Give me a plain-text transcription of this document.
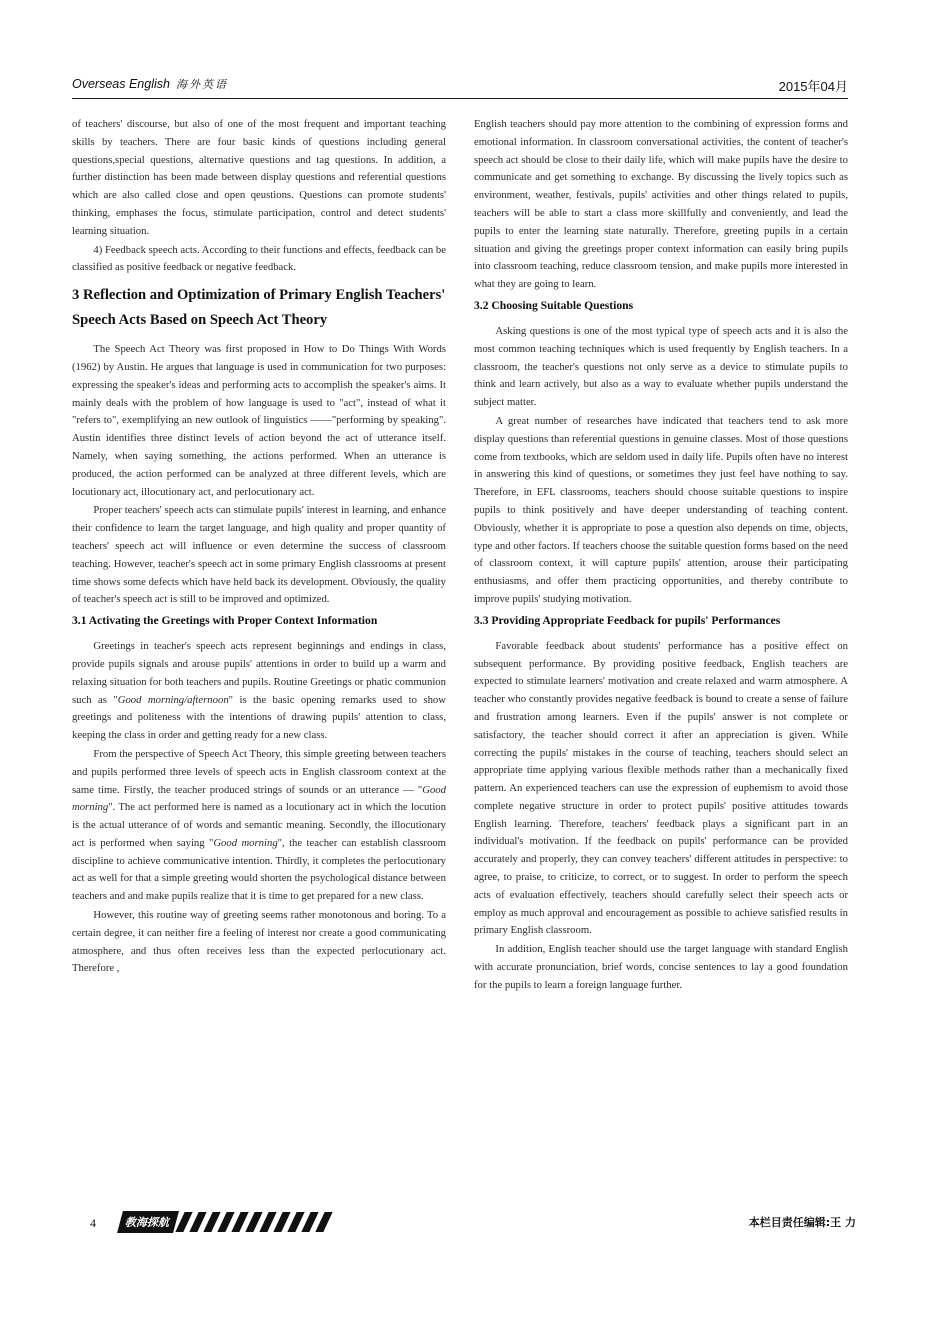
Overseas English 海外英语	2015年04月

of teachers' discourse, but also of one of the most frequent and important teaching skills by teachers. There are four basic kinds of questions including general questions,special questions, alternative questions and tag questions. In addition, a further distinction has been made between display questions and referential questions which are also called close and open qeustions. Questions can promote students' thinking, emphases the focus, stimulate participation, control and detect students' learning situation.

4) Feedback speech acts. According to their functions and effects, feedback can be classified as positive feedback or negative feedback.

3 Reflection and Optimization of Primary English Teachers' Speech Acts Based on Speech Act Theory

The Speech Act Theory was first proposed in How to Do Things With Words (1962) by Austin. He argues that language is used in communication for two purposes: expressing the speaker's ideas and performing acts to accomplish the speaker's aims. It mainly deals with the problem of how language is used to "act", instead of what it "refers to", exemplifying an new outlook of linguistics ——"performing by speaking". Austin identifies three distinct levels of action beyond the act of utterance itself. Namely, when saying something, the actions performed. When an utterance is produced, the action performed can be analyzed at three different levels, which are locutionary act, illocutionary act, and perlocutionary act.

Proper teachers' speech acts can stimulate pupils' interest in learning, and enhance their confidence to learn the target language, and high quality and proper quantity of teachers' speech act will influence or even determine the success of classroom teaching. However, teacher's speech act in some primary English classrooms at present time shows some defects which have held back its development. Obviously, the quality of teacher's speech act is still to be improved and optimized.

3.1 Activating the Greetings with Proper Context Information

Greetings in teacher's speech acts represent beginnings and endings in class, provide pupils signals and arouse pupils' attentions in order to build up a warm and relaxing situation for both teachers and pupils. Routine Greetings or phatic communion such as "Good morning/afternoon" is the basic opening remarks used to show greetings and politeness with the intentions of drawing pupils' attention to class, keeping the class in order and getting ready for a new class.

From the perspective of Speech Act Theory, this simple greeting between teachers and pupils performed three levels of speech acts in English classroom context at the same time. Firstly, the teacher produced strings of sounds or an utterance — "Good morning". The act performed here is named as a locutionary act in which the locution is the actual utterance of of words and semantic meaning. Secondly, the illocutionary act is performed when saying "Good morning", the teacher can establish classroom discipline to achieve communicative intention. Thirdly, it completes the perlocutionary act as well for that a simple greeting would shorten the psychological distance between teachers and and make pupils realize that it is time to get prepared for a new class.

However, this routine way of greeting seems rather monotonous and boring. To a certain degree, it can neither fire a feeling of interest nor create a good communicating atmosphere, and thus often receives less than the expected perlocutionary act. Therefore ,

English teachers should pay more attention to the combining of expression forms and emotional information. In classroom conversational activities, the content of teacher's speech act should be close to their daily life, which will make pupils have the desire to communicate and get something to exchange. By discussing the lively topics such as environment, weather, festivals, pupils' activities and other things related to pupils, teachers will be able to start a class more skillfully and conveniently, and lead the pupils to enter the learning state naturally. Therefore, greeting pupils in a certain situation and giving the greetings proper context information can easily bring pupils into classroom teaching, reduce classroom tension, and make pupils more interested in what they are going to learn.

3.2 Choosing Suitable Questions

Asking questions is one of the most typical type of speech acts and it is also the most common teaching techniques which is used frequently by English teachers. In a classroom, the teacher's questions not only serve as a device to stimulate pupils to think and learn actively, but also as a way to evaluate whether pupils understand the subject matter.

A great number of researches have indicated that teachers tend to ask more display questions than referential questions in genuine classes. Most of those questions come from textbooks, which are seldom used in daily life. Pupils often have no interest in answering this kind of questions, or sometimes they just feel have nothing to say. Therefore, in EFL classrooms, teachers should choose suitable questions to inspire pupils to think positively and have deeper understanding of teaching content. Obviously, whether it is appropriate to pose a question also depends on time, objects, type and other factors. If teachers choose the suitable question forms based on the need of classroom context, it will capture pupils' attention, arouse their participating enthusiasms, and offer them practicing opportunities, and thereby contribute to improve pupils' studying motivation.

3.3 Providing Appropriate Feedback for pupils' Performances

Favorable feedback about students' performance has a positive effect on subsequent performance. By providing positive feedback, English teachers are expected to stimulate learners' motivation and create relaxed and warm atmosphere. A teacher who constantly provides negative feedback is bound to create a sense of failure and frustration among learners. Even if the pupils' answer is not complete or satisfactory, the teacher should correct it after an appreciation is given. While correcting the pupils' mistakes in the course of teaching, teachers should select an appropriate time applying various flexible methods rather than a mechanically fixed pattern. An experienced teachers can use the expression of euphemism to avoid those complete negative structure in order to protect pupils' positive attitudes towards English learning. Therefore, teachers' feedback plays a significant part in an individual's motivation. If the feedback on pupils' performance can be provided accurately and properly, they can convey teachers' different attitudes in perspective: to agree, to praise, to criticize, to correct, or to suggest. In order to perform the speech acts of evaluation effectively, teachers should carefully select their speech acts or employ as much approval and encouragement as possible to achieve satisfied results in primary English classroom.

In addition, English teacher should use the target language with standard English with accurate pronunciation, brief words, concise sentences to lay a good foundation for the pupils to learn a foreign language further.

4	教海探航	本栏目责任编辑:王 力
